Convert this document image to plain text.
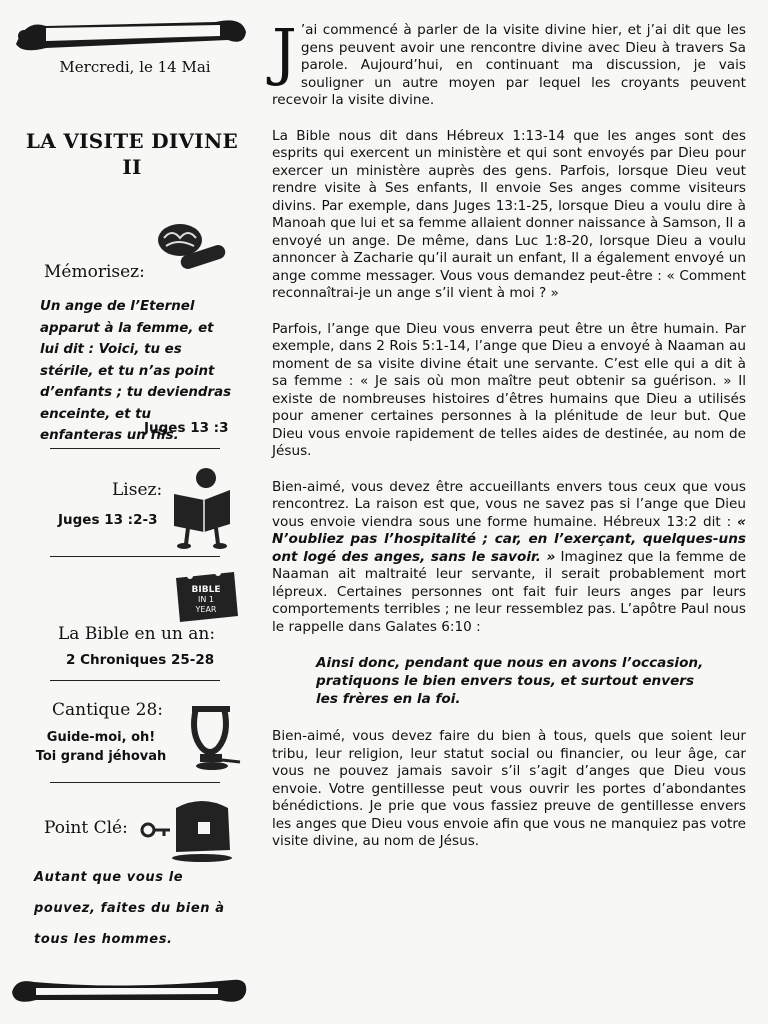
Mercredi, le 14 Mai
LA VISITE DIVINE
II
Mémorisez:
Un ange de l’Eternel apparut à la femme, et lui dit : Voici, tu es stérile, et tu n’as point d’enfants ; tu deviendras enceinte, et tu enfanteras un fils.
Juges 13 :3
Lisez:
Juges 13 :2-3
BIBLE
IN 1
YEAR
La Bible en un an:
2 Chroniques 25-28
Cantique 28:
Guide-moi, oh!
Toi grand jéhovah
Point Clé:
Autant que vous le pouvez, faites du bien à tous les hommes.

J ’ai commencé à parler de la visite divine hier, et j’ai dit que les gens peuvent avoir une rencontre divine avec Dieu à travers Sa parole. Aujourd’hui, en continuant ma discussion, je vais souligner un autre moyen par lequel les croyants peuvent recevoir la visite divine.

La Bible nous dit dans Hébreux 1:13-14 que les anges sont des esprits qui exercent un ministère et qui sont envoyés par Dieu pour exercer un ministère auprès des gens. Parfois, lorsque Dieu veut rendre visite à Ses enfants, Il envoie Ses anges comme visiteurs divins. Par exemple, dans Juges 13:1-25, lorsque Dieu a voulu dire à Manoah que lui et sa femme allaient donner naissance à Samson, Il a envoyé un ange. De même, dans Luc 1:8-20, lorsque Dieu a voulu annoncer à Zacharie qu’il aurait un enfant, Il a également envoyé un ange comme messager. Vous vous demandez peut-être : « Comment reconnaîtrai-je un ange s’il vient à moi ? »

Parfois, l’ange que Dieu vous enverra peut être un être humain. Par exemple, dans 2 Rois 5:1-14, l’ange que Dieu a envoyé à Naaman au moment de sa visite divine était une servante. C’est elle qui a dit à sa femme : « Je sais où mon maître peut obtenir sa guérison. » Il existe de nombreuses histoires d’êtres humains que Dieu a utilisés pour amener certaines personnes à la plénitude de leur but. Que Dieu vous envoie rapidement de telles aides de destinée, au nom de Jésus.

Bien-aimé, vous devez être accueillants envers tous ceux que vous rencontrez. La raison est que, vous ne savez pas si l’ange que Dieu vous envoie viendra sous une forme humaine. Hébreux 13:2 dit : « N’oubliez pas l’hospitalité ; car, en l’exerçant, quelques-uns ont logé des anges, sans le savoir. » Imaginez que la femme de Naaman ait maltraité leur servante, il serait probablement mort lépreux. Certaines personnes ont fait fuir leurs anges par leurs comportements terribles ; ne leur ressemblez pas. L’apôtre Paul nous le rappelle dans Galates 6:10 :

Ainsi donc, pendant que nous en avons l’occasion, pratiquons le bien envers tous, et surtout envers les frères en la foi.

Bien-aimé, vous devez faire du bien à tous, quels que soient leur tribu, leur religion, leur statut social ou financier, ou leur âge, car vous ne pouvez jamais savoir s’il s’agit d’anges que Dieu vous envoie. Votre gentillesse peut vous ouvrir les portes d’abondantes bénédictions. Je prie que vous fassiez preuve de gentillesse envers les anges que Dieu vous envoie afin que vous ne manquiez pas votre visite divine, au nom de Jésus.
